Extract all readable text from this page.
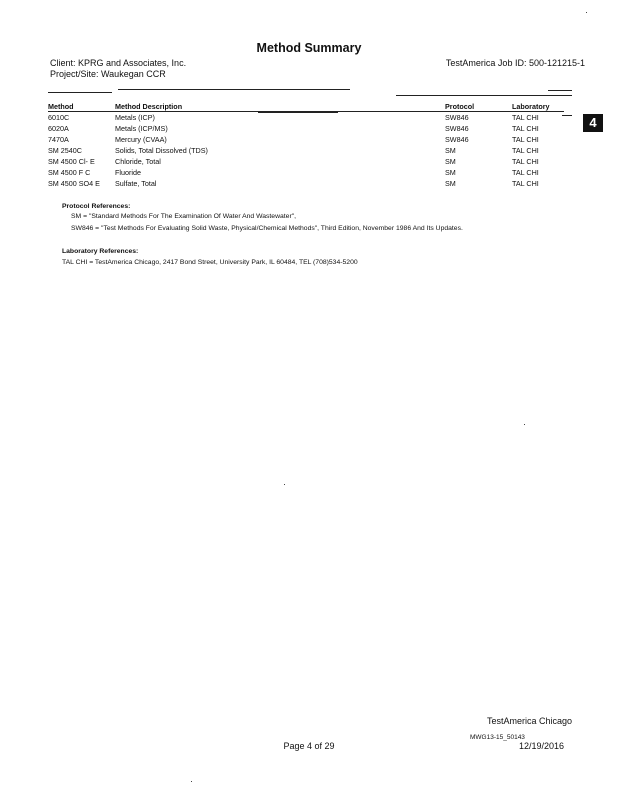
Method Summary
Client: KPRG and Associates, Inc.
Project/Site: Waukegan CCR
TestAmerica Job ID: 500-121215-1
4
Method	Method Description	Protocol	Laboratory
6010C	Metals (ICP)	SW846	TAL CHI
6020A	Metals (ICP/MS)	SW846	TAL CHI
7470A	Mercury (CVAA)	SW846	TAL CHI
SM 2540C	Solids, Total Dissolved (TDS)	SM	TAL CHI
SM 4500 Cl- E	Chloride, Total	SM	TAL CHI
SM 4500 F C	Fluoride	SM	TAL CHI
SM 4500 SO4 E	Sulfate, Total	SM	TAL CHI
Protocol References:
SM = "Standard Methods For The Examination Of Water And Wastewater",
SW846 = "Test Methods For Evaluating Solid Waste, Physical/Chemical Methods", Third Edition, November 1986 And Its Updates.
Laboratory References:
TAL CHI = TestAmerica Chicago, 2417 Bond Street, University Park, IL 60484, TEL (708)534-5200
TestAmerica Chicago
Page 4 of 29
MWG13-15_50143
12/19/2016
